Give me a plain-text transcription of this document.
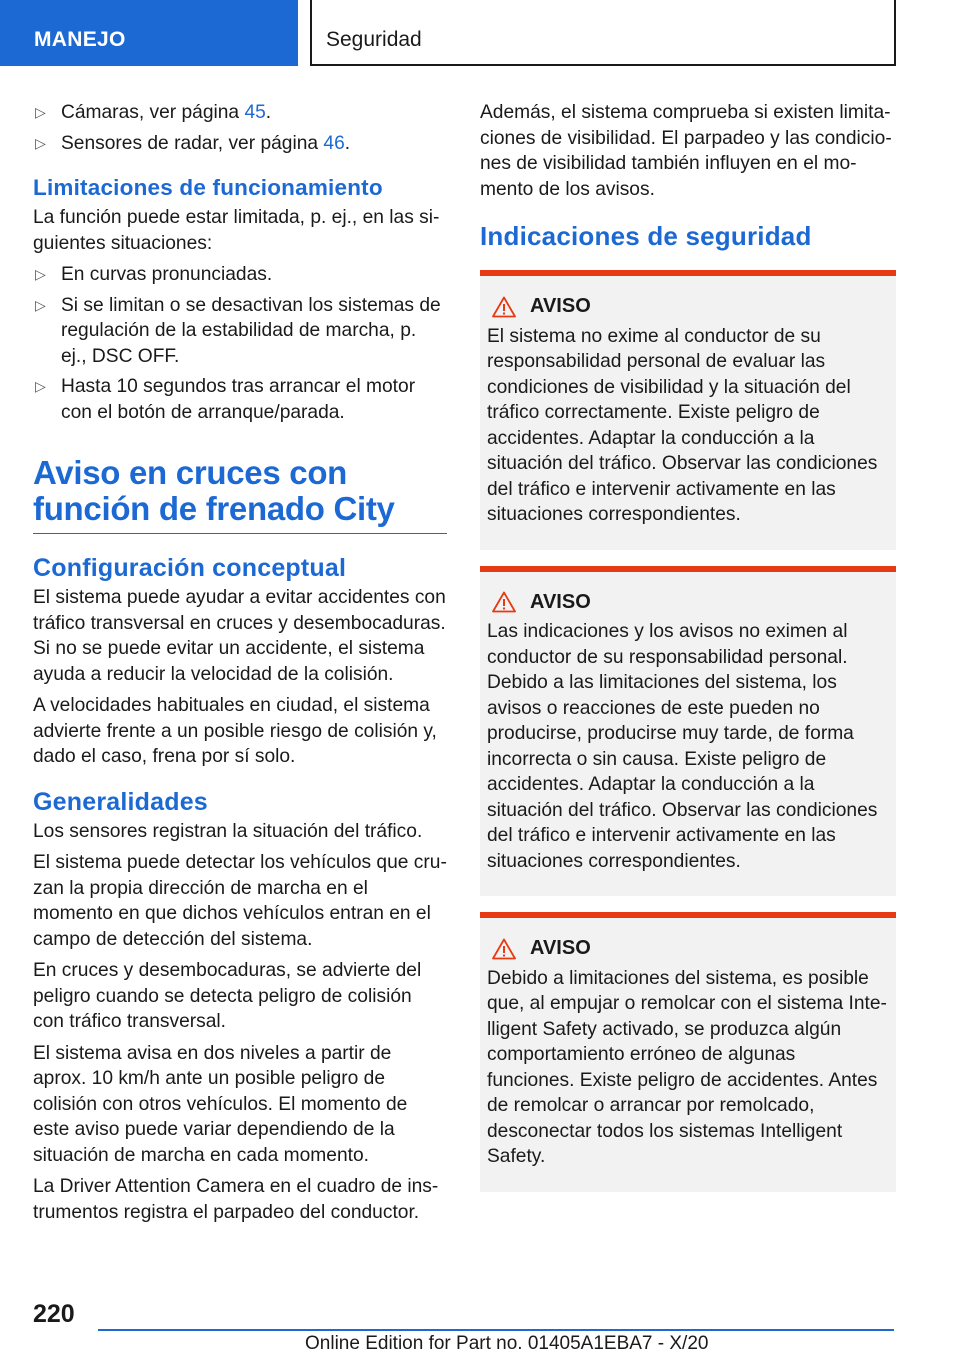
MANEJO	Seguridad
▷ Cámaras, ver página 45.
▷ Sensores de radar, ver página 46.
Limitaciones de funcionamiento

La función puede estar limitada, p. ej., en las siguientes situaciones:

▷ En curvas pronunciadas.
▷ Si se limitan o se desactivan los sistemas de regulación de la estabilidad de marcha, p. ej., DSC OFF.
▷ Hasta 10 segundos tras arrancar el motor con el botón de arranque/parada.
Aviso en cruces con función de frenado City
Configuración conceptual

El sistema puede ayudar a evitar accidentes con tráfico transversal en cruces y desembocaduras. Si no se puede evitar un accidente, el sistema ayuda a reducir la velocidad de la colisión.

A velocidades habituales en ciudad, el sistema advierte frente a un posible riesgo de colisión y, dado el caso, frena por sí solo.

Generalidades

Los sensores registran la situación del tráfico.

El sistema puede detectar los vehículos que cruzan la propia dirección de marcha en el momento en que dichos vehículos entran en el campo de detección del sistema.

En cruces y desembocaduras, se advierte del peligro cuando se detecta peligro de colisión con tráfico transversal.

El sistema avisa en dos niveles a partir de aprox. 10 km/h ante un posible peligro de colisión con otros vehículos. El momento de este aviso puede variar dependiendo de la situación de marcha en cada momento.

La Driver Attention Camera en el cuadro de instrumentos registra el parpadeo del conductor.

Además, el sistema comprueba si existen limitaciones de visibilidad. El parpadeo y las condiciones de visibilidad también influyen en el momento de los avisos.

Indicaciones de seguridad
AVISO

El sistema no exime al conductor de su responsabilidad personal de evaluar las condiciones de visibilidad y la situación del tráfico correctamente. Existe peligro de accidentes. Adaptar la conducción a la situación del tráfico. Observar las condiciones del tráfico e intervenir activamente en las situaciones correspondientes.

AVISO

Las indicaciones y los avisos no eximen al conductor de su responsabilidad personal. Debido a las limitaciones del sistema, los avisos o reacciones de este pueden no producirse, producirse muy tarde, de forma incorrecta o sin causa. Existe peligro de accidentes. Adaptar la conducción a la situación del tráfico. Observar las condiciones del tráfico e intervenir activamente en las situaciones correspondientes.

AVISO

Debido a limitaciones del sistema, es posible que, al empujar o remolcar con el sistema Intelligent Safety activado, se produzca algún comportamiento erróneo de algunas funciones. Existe peligro de accidentes. Antes de remolcar o arrancar por remolcado, desconectar todos los sistemas Intelligent Safety.

220
Online Edition for Part no. 01405A1EBA7 - X/20
